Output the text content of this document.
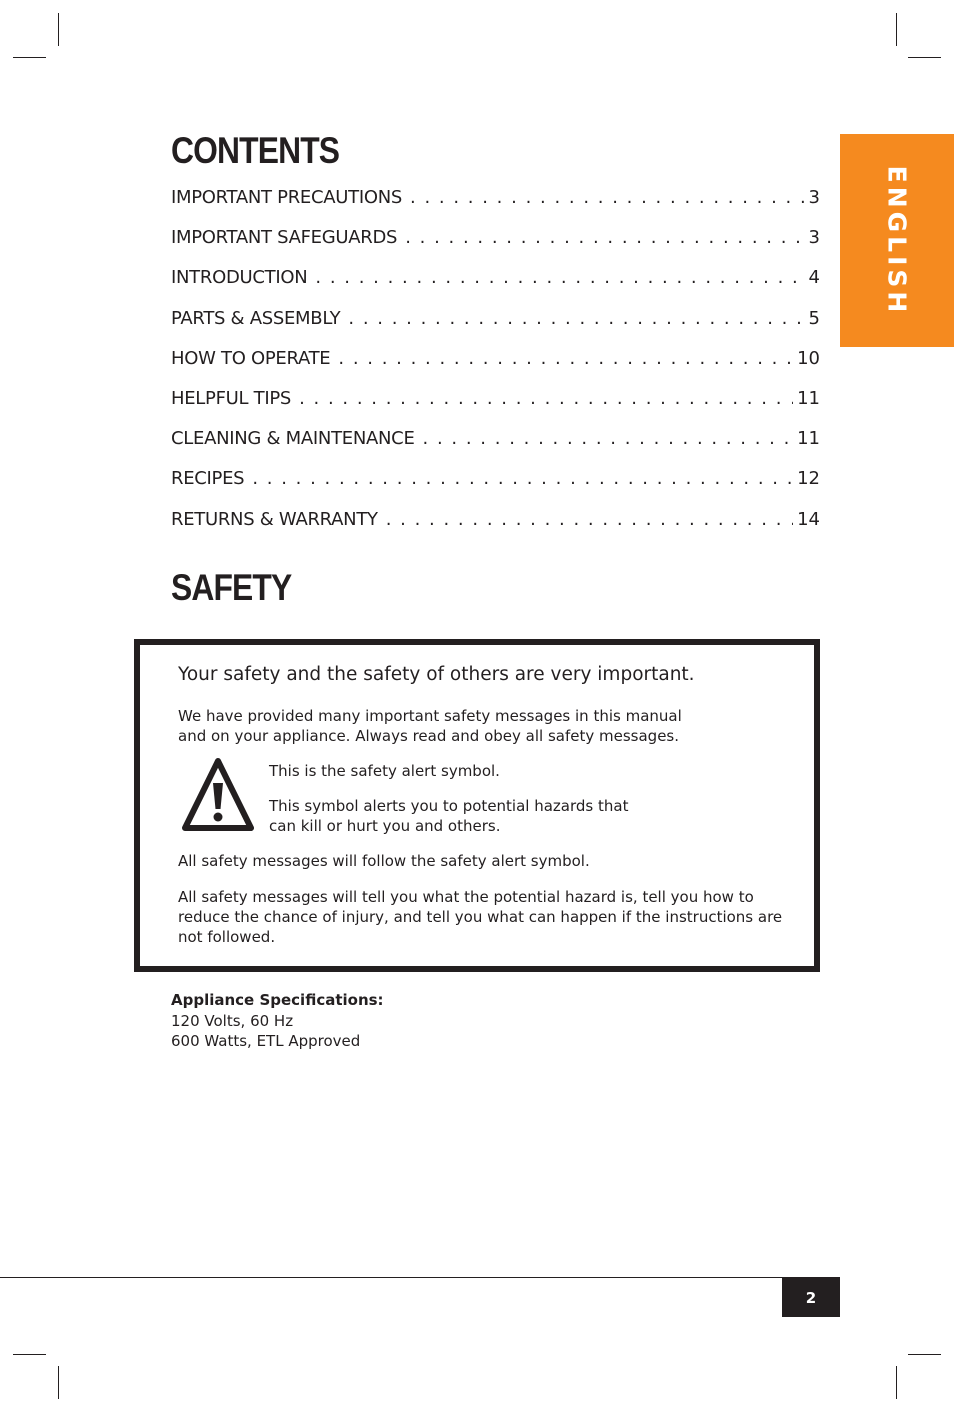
ENGLISH
CONTENTS
IMPORTANT PRECAUTIONS . . .	3
IMPORTANT SAFEGUARDS . . .	3
INTRODUCTION . . .	4
PARTS & ASSEMBLY . . .	5
HOW TO OPERATE . . .	10
HELPFUL TIPS . . .	11
CLEANING & MAINTENANCE . . .	11
RECIPES . . .	12
RETURNS & WARRANTY . . .	14
SAFETY

Your safety and the safety of others are very important.

We have provided many important safety messages in this manual and on your appliance. Always read and obey all safety messages.

This is the safety alert symbol.

This symbol alerts you to potential hazards that can kill or hurt you and others.

All safety messages will follow the safety alert symbol.

All safety messages will tell you what the potential hazard is, tell you how to reduce the chance of injury, and tell you what can happen if the instructions are not followed.

Appliance Specifications:
120 Volts, 60 Hz
600 Watts, ETL Approved
2
